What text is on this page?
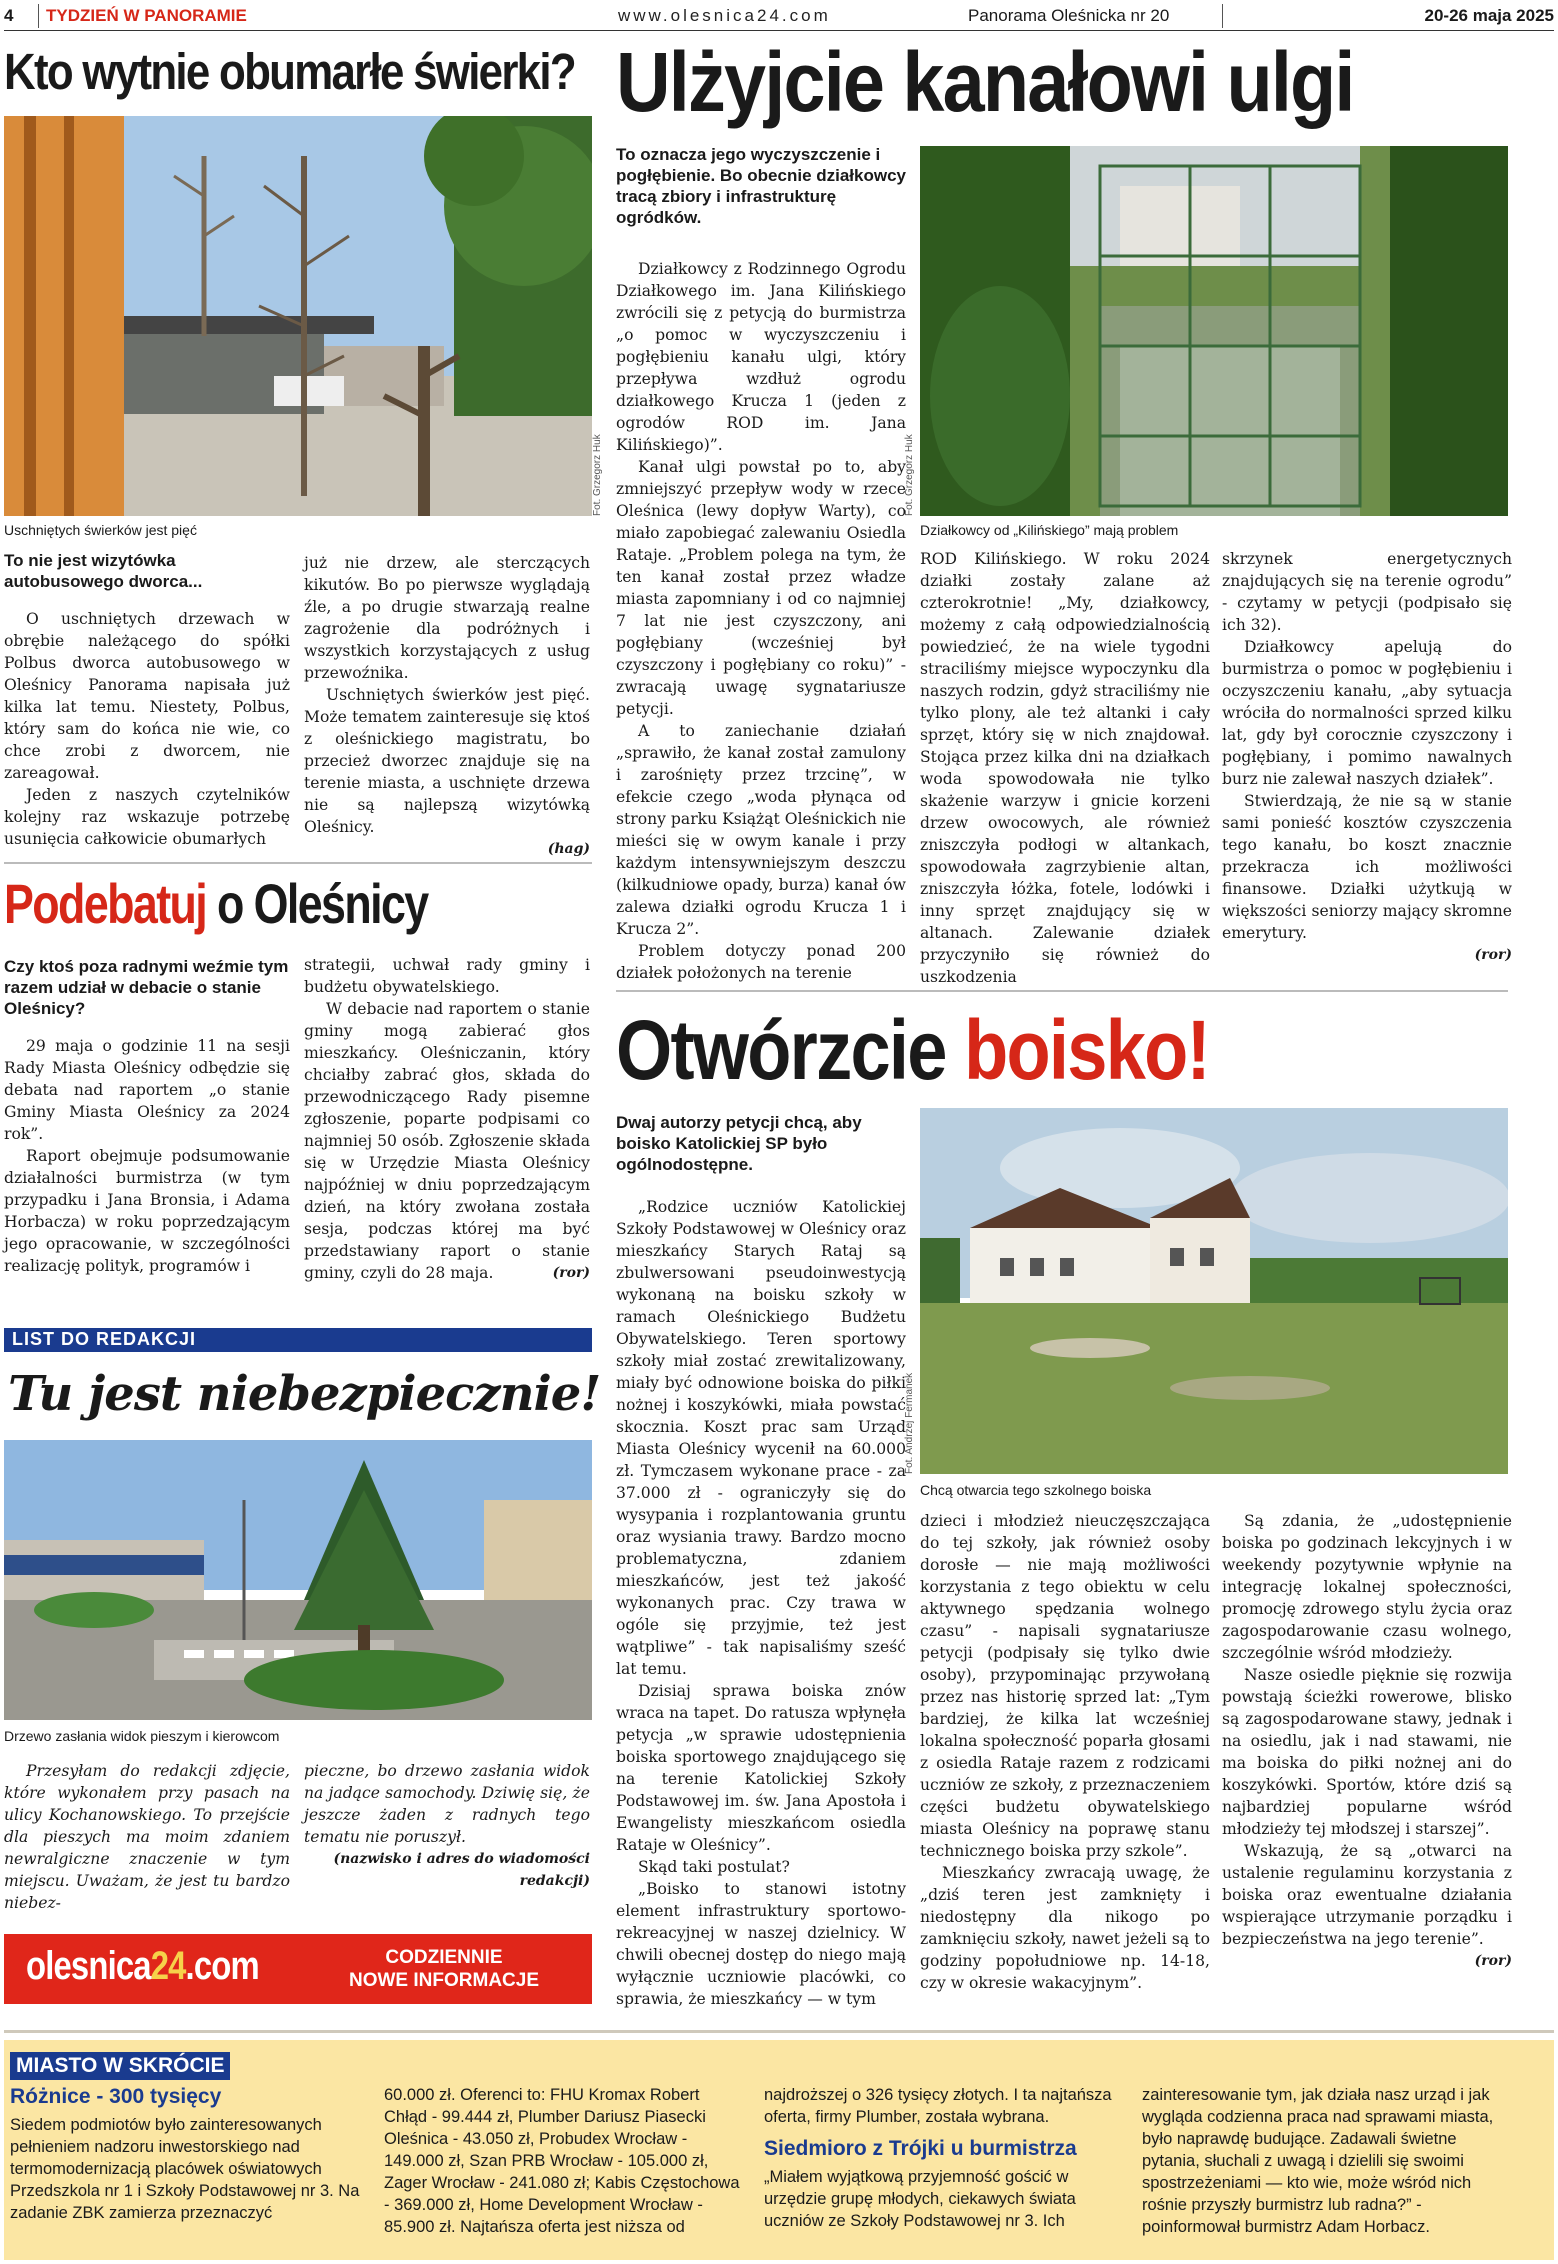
4	TYDZIEŃ W PANORAMIE	www.olesnica24.com	Panorama Oleśnicka nr 20	20-26 maja 2025
Kto wytnie obumarłe świerki?
Fot. Grzegorz Huk
Uschniętych świerków jest pięć
To nie jest wizytówka autobusowego dworca...

O uschniętych drzewach w obrębie należącego do spółki Polbus dworca autobusowego w Oleśnicy Panorama napisała już kilka lat temu. Niestety, Polbus, który sam do końca nie wie, co chce zrobi z dworcem, nie zareagował.

Jeden z naszych czytelników kolejny raz wskazuje potrzebę usunięcia całkowicie obumarłych

już nie drzew, ale sterczących kikutów. Bo po pierwsze wyglądają źle, a po drugie stwarzają realne zagrożenie dla podróżnych i wszystkich korzystających z usług przewoźnika.

Uschniętych świerków jest pięć. Może tematem zainteresuje się ktoś z oleśnickiego magistratu, bo przecież dworzec znajduje się na terenie miasta, a uschnięte drzewa nie są najlepszą wizytówką Oleśnicy.

(hag)
Podebatuj o Oleśnicy
Czy ktoś poza radnymi weźmie tym razem udział w debacie o stanie Oleśnicy?

29 maja o godzinie 11 na sesji Rady Miasta Oleśnicy odbędzie się debata nad raportem „o stanie Gminy Miasta Oleśnicy za 2024 rok”.

Raport obejmuje podsumowanie działalności burmistrza (w tym przypadku i Jana Bronsia, i Adama Horbacza) w roku poprzedzającym jego opracowanie, w szczególności realizację polityk, programów i

strategii, uchwał rady gminy i budżetu obywatelskiego.

W debacie nad raportem o stanie gminy mogą zabierać głos mieszkańcy. Oleśniczanin, który chciałby zabrać głos, składa do przewodniczącego Rady pisemne zgłoszenie, poparte podpisami co najmniej 50 osób. Zgłoszenie składa się w Urzędzie Miasta Oleśnicy najpóźniej w dniu poprzedzającym dzień, na który zwołana została sesja, podczas której ma być przedstawiany raport o stanie gminy, czyli do 28 maja.	(ror)
LIST DO REDAKCJI
Tu jest niebezpiecznie!
Drzewo zasłania widok pieszym i kierowcom

Przesyłam do redakcji zdjęcie, które wykonałem przy pasach na ulicy Kochanowskiego. To przejście dla pieszych ma moim zdaniem newralgiczne znaczenie w tym miejscu. Uważam, że jest tu bardzo niebez-

pieczne, bo drzewo zasłania widok na jadące samochody. Dziwię się, że jeszcze żaden z radnych tego tematu nie poruszył.

(nazwisko i adres do wiadomości
redakcji)
olesnica24.com	CODZIENNIE
NOWE INFORMACJE
Ulżyjcie kanałowi ulgi
To oznacza jego wyczyszczenie i pogłębienie. Bo obecnie działkowcy tracą zbiory i infrastrukturę ogródków.
Fot. Grzegorz Huk
Działkowcy od „Kilińskiego” mają problem

Działkowcy z Rodzinnego Ogrodu Działkowego im. Jana Kilińskiego zwrócili się z petycją do burmistrza „o pomoc w wyczyszczeniu i pogłębieniu kanału ulgi, który przepływa wzdłuż ogrodu działkowego Krucza 1 (jeden z ogrodów ROD im. Jana Kilińskiego)”.

Kanał ulgi powstał po to, aby zmniejszyć przepływ wody w rzece Oleśnica (lewy dopływ Warty), co miało zapobiegać zalewaniu Osiedla Rataje. „Problem polega na tym, że ten kanał został przez władze miasta zapomniany i od co najmniej 7 lat nie jest czyszczony, ani pogłębiany (wcześniej był czyszczony i pogłębiany co roku)” - zwracają uwagę sygnatariusze petycji.

A to zaniechanie działań „sprawiło, że kanał został zamulony i zarośnięty przez trzcinę”, w efekcie czego „woda płynąca od strony parku Książąt Oleśnickich nie mieści się w owym kanale i przy każdym intensywniejszym deszczu (kilkudniowe opady, burza) kanał ów zalewa działki ogrodu Krucza 1 i Krucza 2”.

Problem dotyczy ponad 200 działek położonych na terenie

ROD Kilińskiego. W roku 2024 działki zostały zalane aż czterokrotnie! „My, działkowcy, możemy z całą odpowiedzialnością powiedzieć, że na wiele tygodni straciliśmy miejsce wypoczynku dla naszych rodzin, gdyż straciliśmy nie tylko plony, ale też altanki i cały sprzęt, który się w nich znajdował. Stojąca przez kilka dni na działkach woda spowodowała nie tylko skażenie warzyw i gnicie korzeni drzew owocowych, ale również zniszczyła podłogi w altankach, spowodowała zagrzybienie altan, zniszczyła łóżka, fotele, lodówki i inny sprzęt znajdujący się w altanach. Zalewanie działek przyczyniło się również do uszkodzenia

skrzynek energetycznych znajdujących się na terenie ogrodu” - czytamy w petycji (podpisało się ich 32).

Działkowcy apelują do burmistrza o pomoc w pogłębieniu i oczyszczeniu kanału, „aby sytuacja wróciła do normalności sprzed kilku lat, gdy był corocznie czyszczony i pogłębiany, i pomimo nawalnych burz nie zalewał naszych działek”.

Stwierdzają, że nie są w stanie sami ponieść kosztów czyszczenia tego kanału, bo koszt znacznie przekracza ich możliwości finansowe. Działki użytkują w większości seniorzy mający skromne emerytury.

(ror)
Otwórzcie boisko!
Dwaj autorzy petycji chcą, aby boisko Katolickiej SP było ogólnodostępne.
Fot. Andrzej Fermanek
Chcą otwarcia tego szkolnego boiska

„Rodzice uczniów Katolickiej Szkoły Podstawowej w Oleśnicy oraz mieszkańcy Starych Rataj są zbulwersowani pseudoinwestycją wykonaną na boisku szkoły w ramach Oleśnickiego Budżetu Obywatelskiego. Teren sportowy szkoły miał zostać zrewitalizowany, miały być odnowione boiska do piłki nożnej i koszykówki, miała powstać skocznia. Koszt prac sam Urząd Miasta Oleśnicy wycenił na 60.000 zł. Tymczasem wykonane prace - za 37.000 zł - ograniczyły się do wysypania i rozplantowania gruntu oraz wysiania trawy. Bardzo mocno problematyczna, zdaniem mieszkańców, jest też jakość wykonanych prac. Czy trawa w ogóle się przyjmie, też jest wątpliwe” - tak napisaliśmy sześć lat temu.

Dzisiaj sprawa boiska znów wraca na tapet. Do ratusza wpłynęła petycja „w sprawie udostępnienia boiska sportowego znajdującego się na terenie Katolickiej Szkoły Podstawowej im. św. Jana Apostoła i Ewangelisty mieszkańcom osiedla Rataje w Oleśnicy”.

Skąd taki postulat?

„Boisko to stanowi istotny element infrastruktury sportowo-rekreacyjnej w naszej dzielnicy. W chwili obecnej dostęp do niego mają wyłącznie uczniowie placówki, co sprawia, że mieszkańcy — w tym

dzieci i młodzież nieuczęszczająca do tej szkoły, jak również osoby dorosłe — nie mają możliwości korzystania z tego obiektu w celu aktywnego spędzania wolnego czasu” - napisali sygnatariusze petycji (podpisały się tylko dwie osoby), przypominając przywołaną przez nas historię sprzed lat: „Tym bardziej, że kilka lat wcześniej lokalna społeczność poparła głosami z osiedla Rataje razem z rodzicami uczniów ze szkoły, z przeznaczeniem części budżetu obywatelskiego miasta Oleśnicy na poprawę stanu technicznego boiska przy szkole”.

Mieszkańcy zwracają uwagę, że „dziś teren jest zamknięty i niedostępny dla nikogo po zamknięciu szkoły, nawet jeżeli są to godziny popołudniowe np. 14-18, czy w okresie wakacyjnym”.

Są zdania, że „udostępnienie boiska po godzinach lekcyjnych i w weekendy pozytywnie wpłynie na integrację lokalnej społeczności, promocję zdrowego stylu życia oraz zagospodarowanie czasu wolnego, szczególnie wśród młodzieży.

Nasze osiedle pięknie się rozwija powstają ścieżki rowerowe, blisko są zagospodarowane stawy, jednak i na osiedlu, jak i nad stawami, nie ma boiska do piłki nożnej ani do koszykówki. Sportów, które dziś są najbardziej popularne wśród młodzieży tej młodszej i starszej”.

Wskazują, że są „otwarci na ustalenie regulaminu korzystania z boiska oraz ewentualne działania wspierające utrzymanie porządku i bezpieczeństwa na jego terenie”.

(ror)
MIASTO W SKRÓCIE
Różnice - 300 tysięcy
Siedem podmiotów było zainteresowanych pełnieniem nadzoru inwestorskiego nad termomodernizacją placówek oświatowych Przedszkola nr 1 i Szkoły Podstawowej nr 3. Na zadanie ZBK zamierza przeznaczyć
60.000 zł. Oferenci to: FHU Kromax Robert Chłąd - 99.444 zł, Plumber Dariusz Piasecki Oleśnica - 43.050 zł, Probudex Wrocław - 149.000 zł, Szan PRB Wrocław - 105.000 zł, Zager Wrocław - 241.080 zł; Kabis Częstochowa - 369.000 zł, Home Development Wrocław - 85.900 zł. Najtańsza oferta jest niższa od
najdroższej o 326 tysięcy złotych. I ta najtańsza oferta, firmy Plumber, została wybrana.
Siedmioro z Trójki u burmistrza
„Miałem wyjątkową przyjemność gościć w urzędzie grupę młodych, ciekawych świata uczniów ze Szkoły Podstawowej nr 3. Ich
zainteresowanie tym, jak działa nasz urząd i jak wygląda codzienna praca nad sprawami miasta, było naprawdę budujące. Zadawali świetne pytania, słuchali z uwagą i dzielili się swoimi spostrzeżeniami — kto wie, może wśród nich rośnie przyszły burmistrz lub radna?” - poinformował burmistrz Adam Horbacz.
